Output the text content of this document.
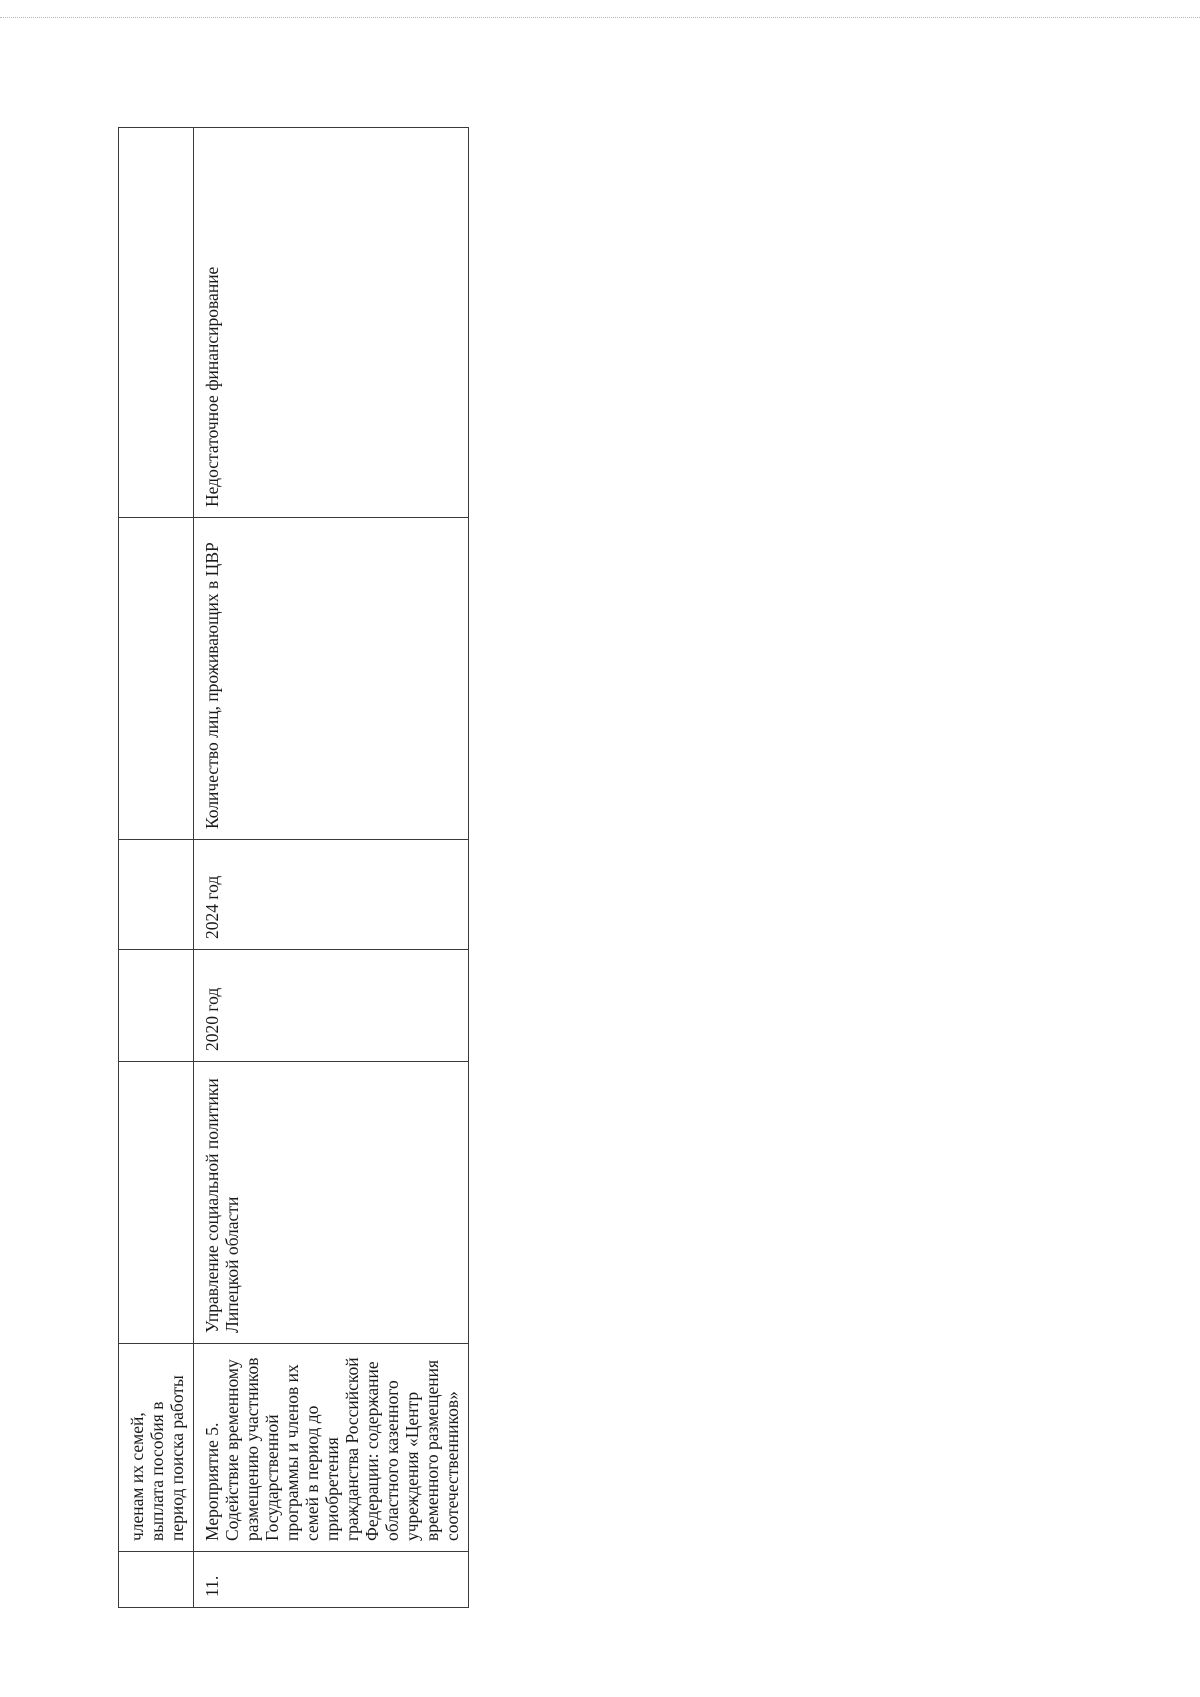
	членам их семей, выплата пособия в период поиска работы					
11.	Мероприятие 5. Содействие временному размещению участников Государственной программы и членов их семей в период до приобретения гражданства Российской Федерации: содержание областного казенного учреждения «Центр временного размещения соотечественников»	Управление социальной политики Липецкой области	2020 год	2024 год	Количество лиц, проживающих в ЦВР	Недостаточное финансирование
